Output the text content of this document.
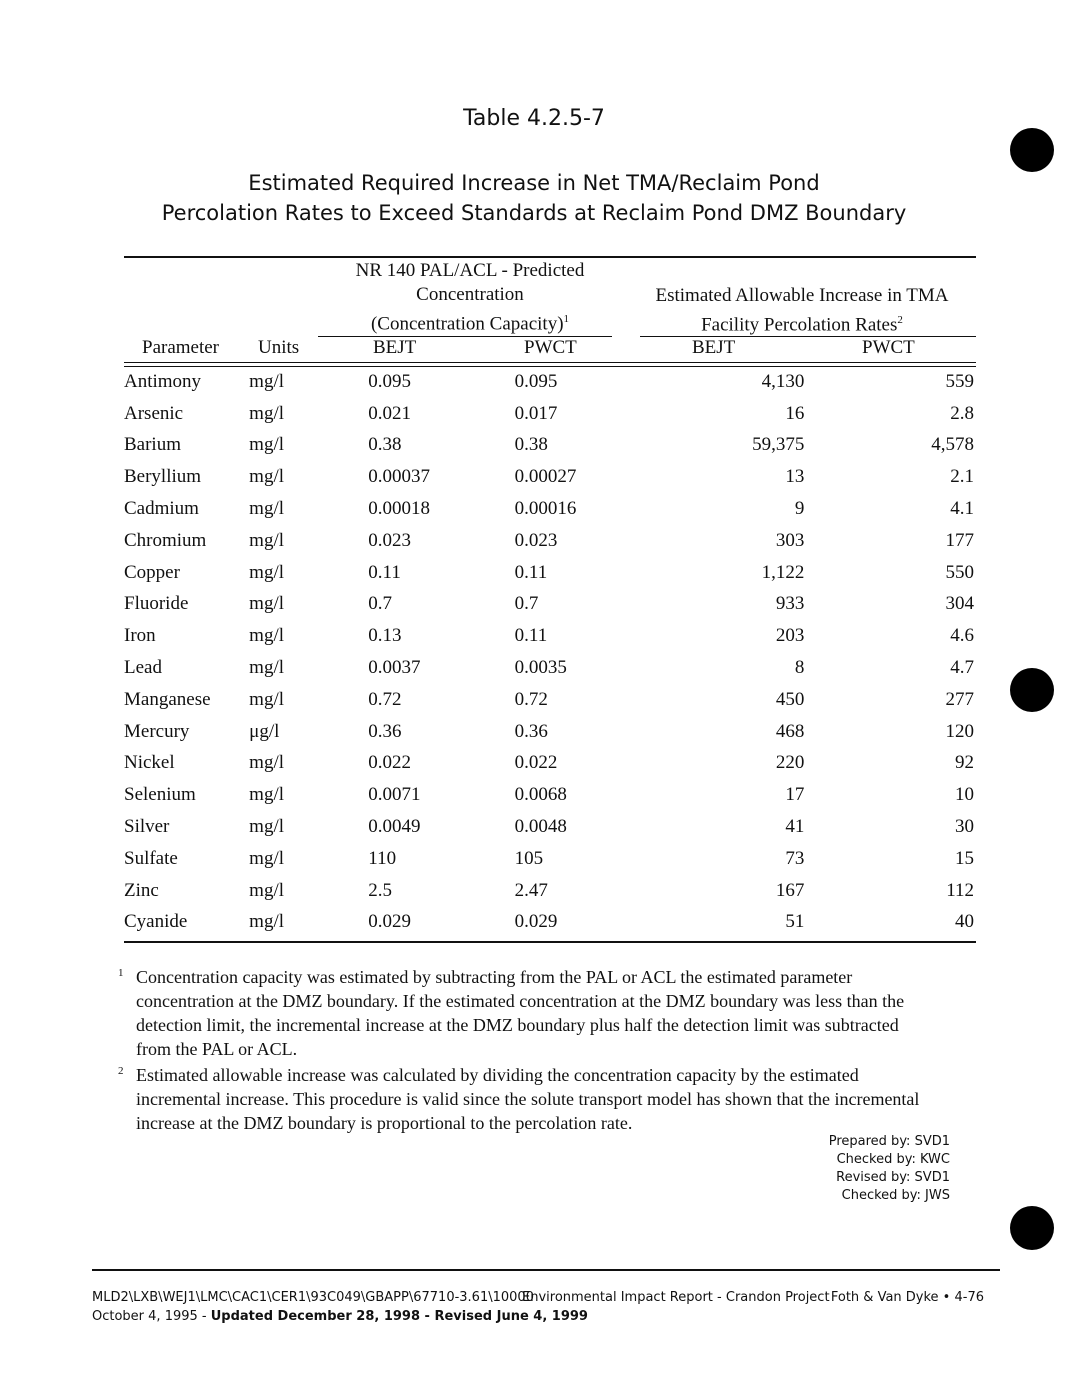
Table 4.2.5-7
Estimated Required Increase in Net TMA/Reclaim Pond
Percolation Rates to Exceed Standards at Reclaim Pond DMZ Boundary
NR 140 PAL/ACL - Predicted
Concentration
(Concentration Capacity)$^1$
Estimated Allowable Increase in TMA
Facility Percolation Rates$^2$
Parameter Units	BEJT	PWCT	BEJT	PWCT
Antimony	mg/l	0.095	0.095	4,130	559
Arsenic	mg/l	0.021	0.017	16	2.8
Barium	mg/l	0.38	0.38	59,375	4,578
Beryllium	mg/l	0.00037	0.00027	13	2.1
Cadmium	mg/l	0.00018	0.00016	9	4.1
Chromium	mg/l	0.023	0.023	303	177
Copper	mg/l	0.11	0.11	1,122	550
Fluoride	mg/l	0.7	0.7	933	304
Iron	mg/l	0.13	0.11	203	4.6
Lead	mg/l	0.0037	0.0035	8	4.7
Manganese	mg/l	0.72	0.72	450	277
Mercury	μg/l	0.36	0.36	468	120
Nickel	mg/l	0.022	0.022	220	92
Selenium	mg/l	0.0071	0.0068	17	10
Silver	mg/l	0.0049	0.0048	41	30
Sulfate	mg/l	110	105	73	15
Zinc	mg/l	2.5	2.47	167	112
Cyanide	mg/l	0.029	0.029	51	40
1 Concentration capacity was estimated by subtracting from the PAL or ACL the estimated parameter concentration at the DMZ boundary. If the estimated concentration at the DMZ boundary was less than the detection limit, the incremental increase at the DMZ boundary plus half the detection limit was subtracted from the PAL or ACL.
2 Estimated allowable increase was calculated by dividing the concentration capacity by the estimated incremental increase. This procedure is valid since the solute transport model has shown that the incremental increase at the DMZ boundary is proportional to the percolation rate.
Prepared by: SVD1
Checked by: KWC
Revised by: SVD1
Checked by: JWS
MLD2\LXB\WEJ1\LMC\CAC1\CER1\93C049\GBAPP\67710-3.61\10000
Environmental Impact Report - Crandon Project Foth & Van Dyke • 4-76
October 4, 1995 - Updated December 28, 1998 - Revised June 4, 1999
